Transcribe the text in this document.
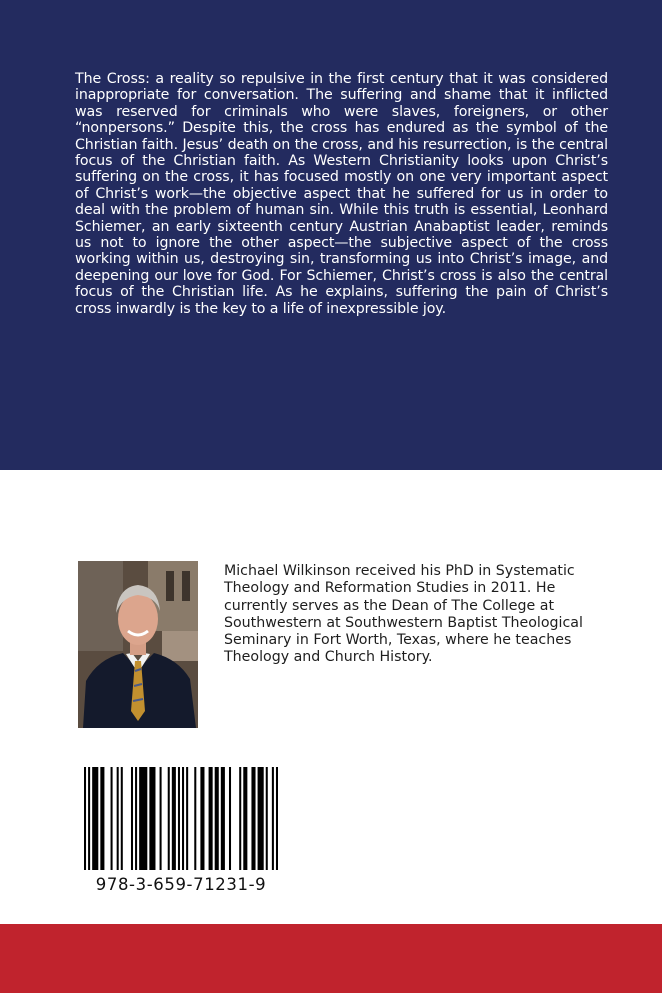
The Cross: a reality so repulsive in the first century that it was considered inappropriate for conversation. The suffering and shame that it inflicted was reserved for criminals who were slaves, foreigners, or other “nonpersons.” Despite this, the cross has endured as the symbol of the Christian faith. Jesus’ death on the cross, and his resurrection, is the central focus of the Christian faith. As Western Christianity looks upon Christ’s suffering on the cross, it has focused mostly on one very important aspect of Christ’s work—the objective aspect that he suffered for us in order to deal with the problem of human sin. While this truth is essential, Leonhard Schiemer, an early sixteenth century Austrian Anabaptist leader, reminds us not to ignore the other aspect—the subjective aspect of the cross working within us, destroying sin, transforming us into Christ’s image, and deepening our love for God. For Schiemer, Christ’s cross is also the central focus of the Christian life. As he explains, suffering the pain of Christ’s cross inwardly is the key to a life of inexpressible joy.

Michael Wilkinson received his PhD in Systematic Theology and Reformation Studies in 2011. He currently serves as the Dean of The College at Southwestern at Southwestern Baptist Theological Seminary in Fort Worth, Texas, where he teaches Theology and Church History.

978-3-659-71231-9
